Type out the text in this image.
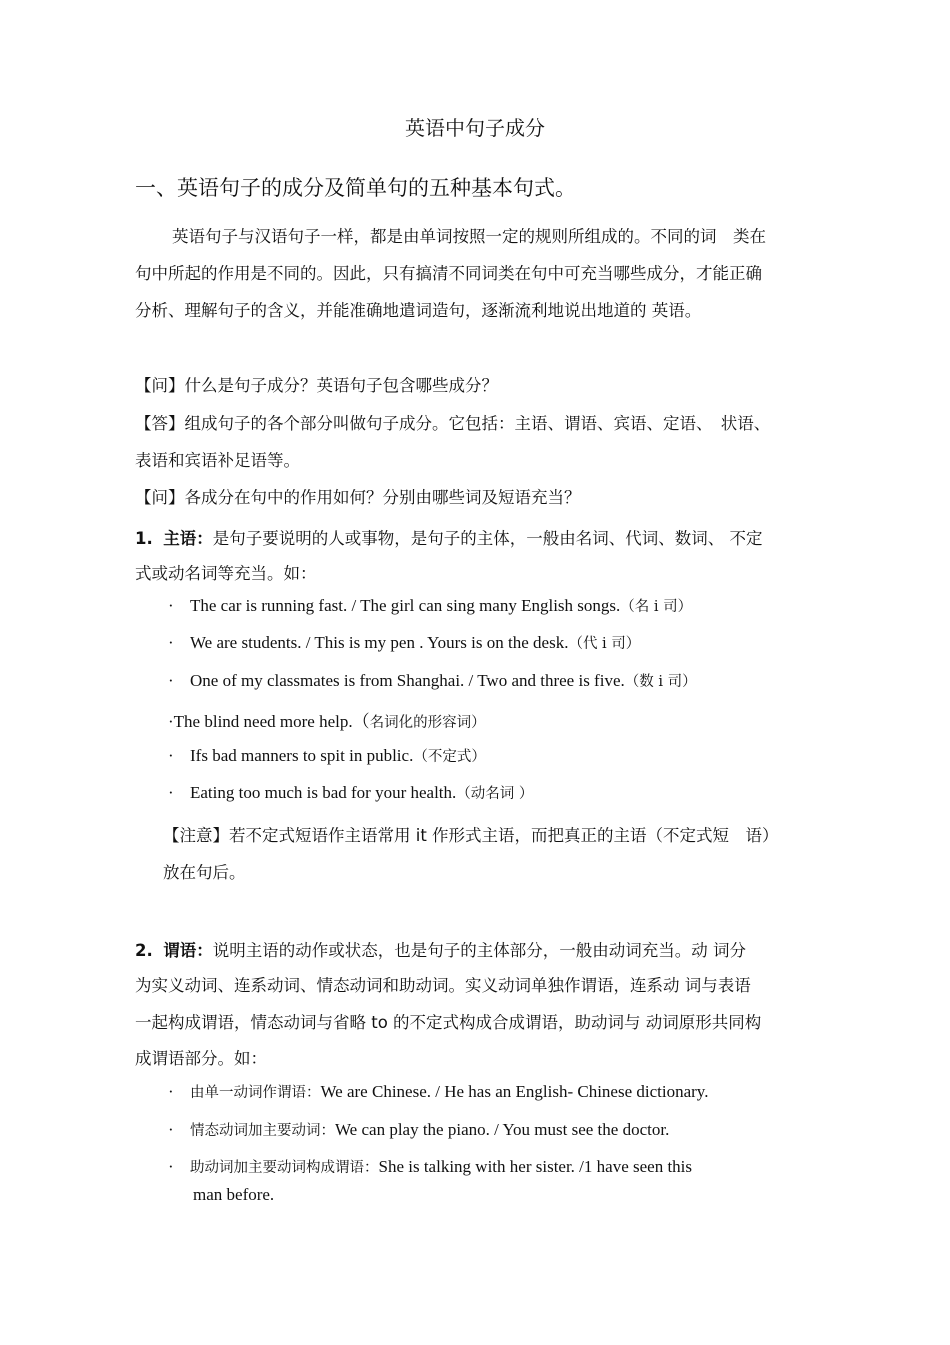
英语中句子成分
一、英语句子的成分及简单句的五种基本句式。
英语句子与汉语句子一样，都是由单词按照一定的规则所组成的。不同的词　类在
句中所起的作用是不同的。因此，只有搞清不同词类在句中可充当哪些成分，才能正确
分析、理解句子的含义，并能准确地遣词造句，逐渐流利地说出地道的 英语。
【问】什么是句子成分？英语句子包含哪些成分？
【答】组成句子的各个部分叫做句子成分。它包括：主语、谓语、宾语、定语、　状语、
表语和宾语补足语等。
【问】各成分在句中的作用如何？分别由哪些词及短语充当？
1. 主语：是句子要说明的人或事物，是句子的主体，一般由名词、代词、数词、 不定
式或动名词等充当。如：
· The car is running fast. / The girl can sing many English songs.（名 i 司）
· We are students. / This is my pen . Yours is on the desk.（代 i 司）
· One of my classmates is from Shanghai. / Two and three is five.（数 i 司）
·The blind need more help.（名词化的形容词）
· Ifs bad manners to spit in public.（不定式）
· Eating too much is bad for your health.（动名词 ）
【注意】若不定式短语作主语常用 it 作形式主语，而把真正的主语（不定式短　语）
放在句后。
2. 谓语：说明主语的动作或状态，也是句子的主体部分，一般由动词充当。动 词分
为实义动词、连系动词、情态动词和助动词。实义动词单独作谓语，连系动 词与表语
一起构成谓语，情态动词与省略 to 的不定式构成合成谓语，助动词与 动词原形共同构
成谓语部分。如：
· 由单一动词作谓语：We are Chinese. / He has an English- Chinese dictionary.
· 情态动词加主要动词：We can play the piano. / You must see the doctor.
· 助动词加主要动词构成谓语：She is talking with her sister. /1 have seen this
man before.
